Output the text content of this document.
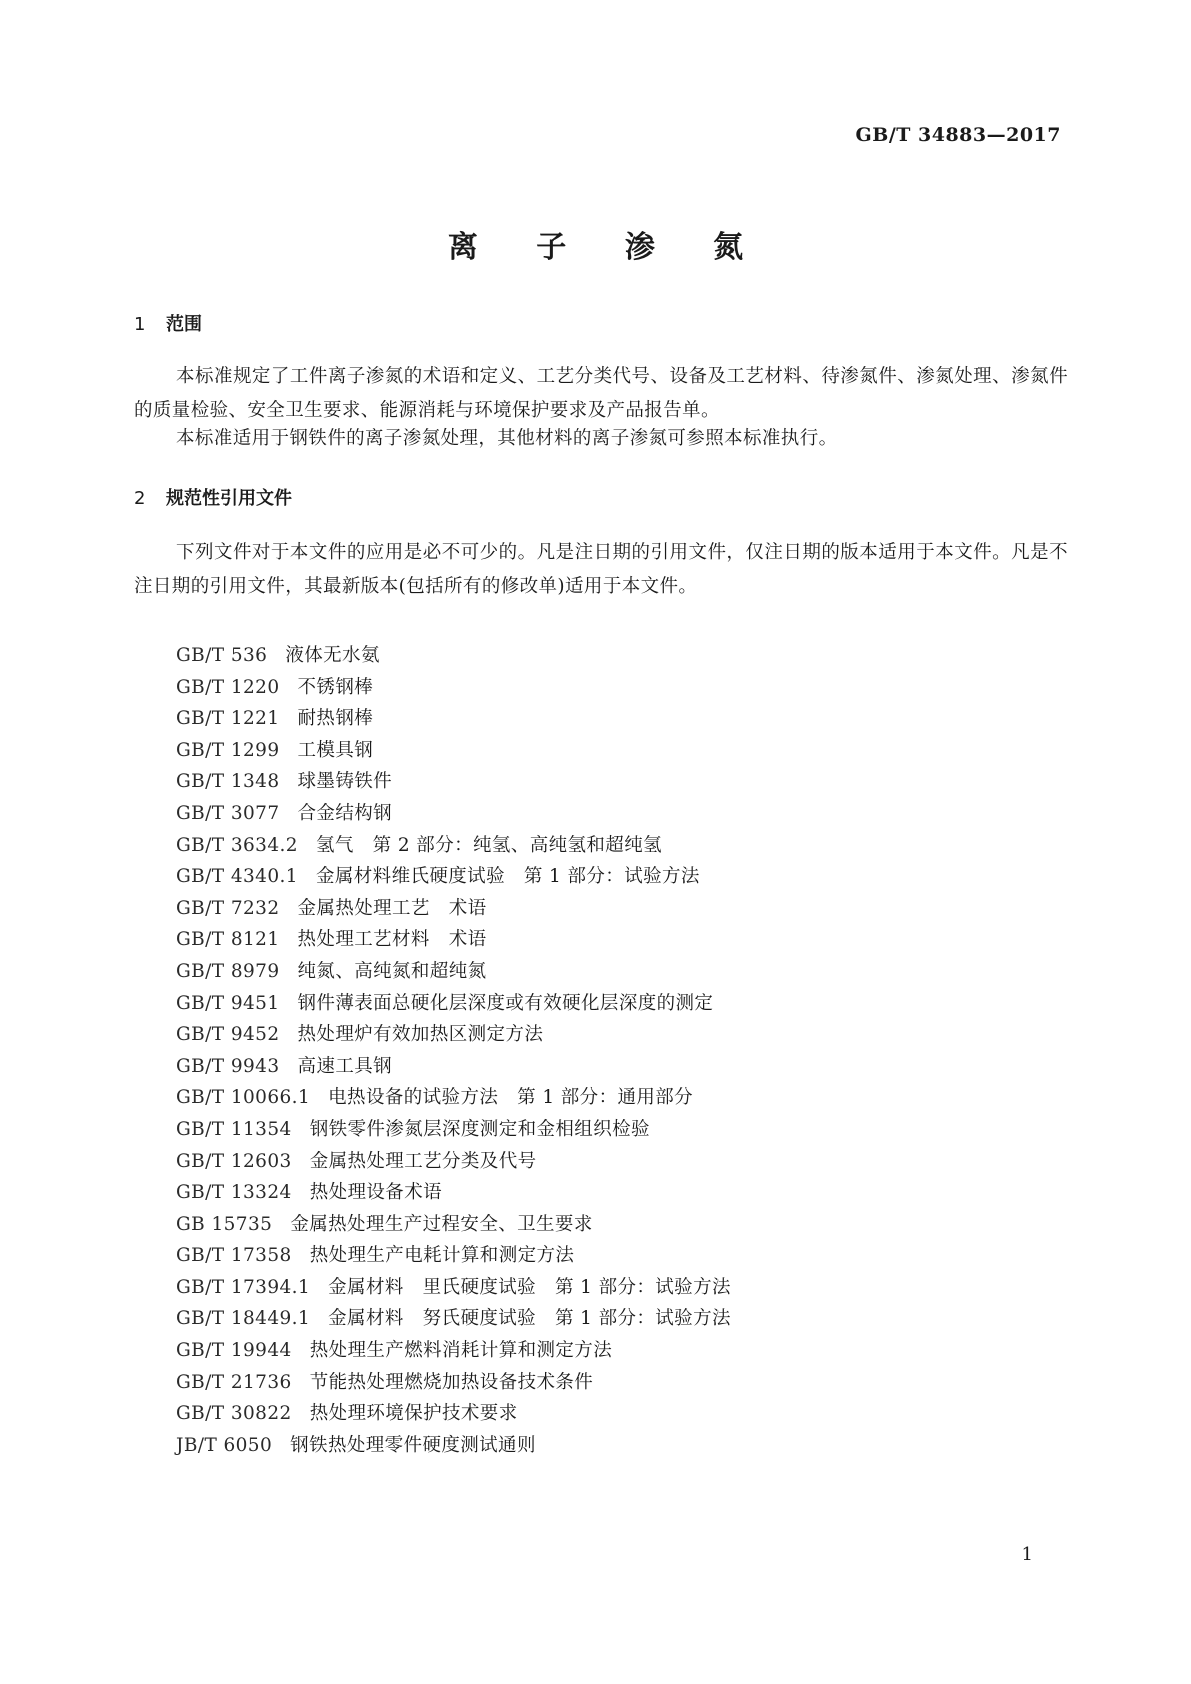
GB/T 34883—2017
离 子 渗 氮
1 范围

本标准规定了工件离子渗氮的术语和定义、工艺分类代号、设备及工艺材料、待渗氮件、渗氮处理、渗氮件的质量检验、安全卫生要求、能源消耗与环境保护要求及产品报告单。

本标准适用于钢铁件的离子渗氮处理，其他材料的离子渗氮可参照本标准执行。

2 规范性引用文件

下列文件对于本文件的应用是必不可少的。凡是注日期的引用文件，仅注日期的版本适用于本文件。凡是不注日期的引用文件，其最新版本(包括所有的修改单)适用于本文件。

GB/T 536 液体无水氨
GB/T 1220 不锈钢棒
GB/T 1221 耐热钢棒
GB/T 1299 工模具钢
GB/T 1348 球墨铸铁件
GB/T 3077 合金结构钢
GB/T 3634.2 氢气　第 2 部分：纯氢、高纯氢和超纯氢
GB/T 4340.1 金属材料维氏硬度试验　第 1 部分：试验方法
GB/T 7232 金属热处理工艺　术语
GB/T 8121 热处理工艺材料　术语
GB/T 8979 纯氮、高纯氮和超纯氮
GB/T 9451 钢件薄表面总硬化层深度或有效硬化层深度的测定
GB/T 9452 热处理炉有效加热区测定方法
GB/T 9943 高速工具钢
GB/T 10066.1 电热设备的试验方法　第 1 部分：通用部分
GB/T 11354 钢铁零件渗氮层深度测定和金相组织检验
GB/T 12603 金属热处理工艺分类及代号
GB/T 13324 热处理设备术语
GB 15735 金属热处理生产过程安全、卫生要求
GB/T 17358 热处理生产电耗计算和测定方法
GB/T 17394.1 金属材料　里氏硬度试验　第 1 部分：试验方法
GB/T 18449.1 金属材料　努氏硬度试验　第 1 部分：试验方法
GB/T 19944 热处理生产燃料消耗计算和测定方法
GB/T 21736 节能热处理燃烧加热设备技术条件
GB/T 30822 热处理环境保护技术要求
JB/T 6050 钢铁热处理零件硬度测试通则
1
